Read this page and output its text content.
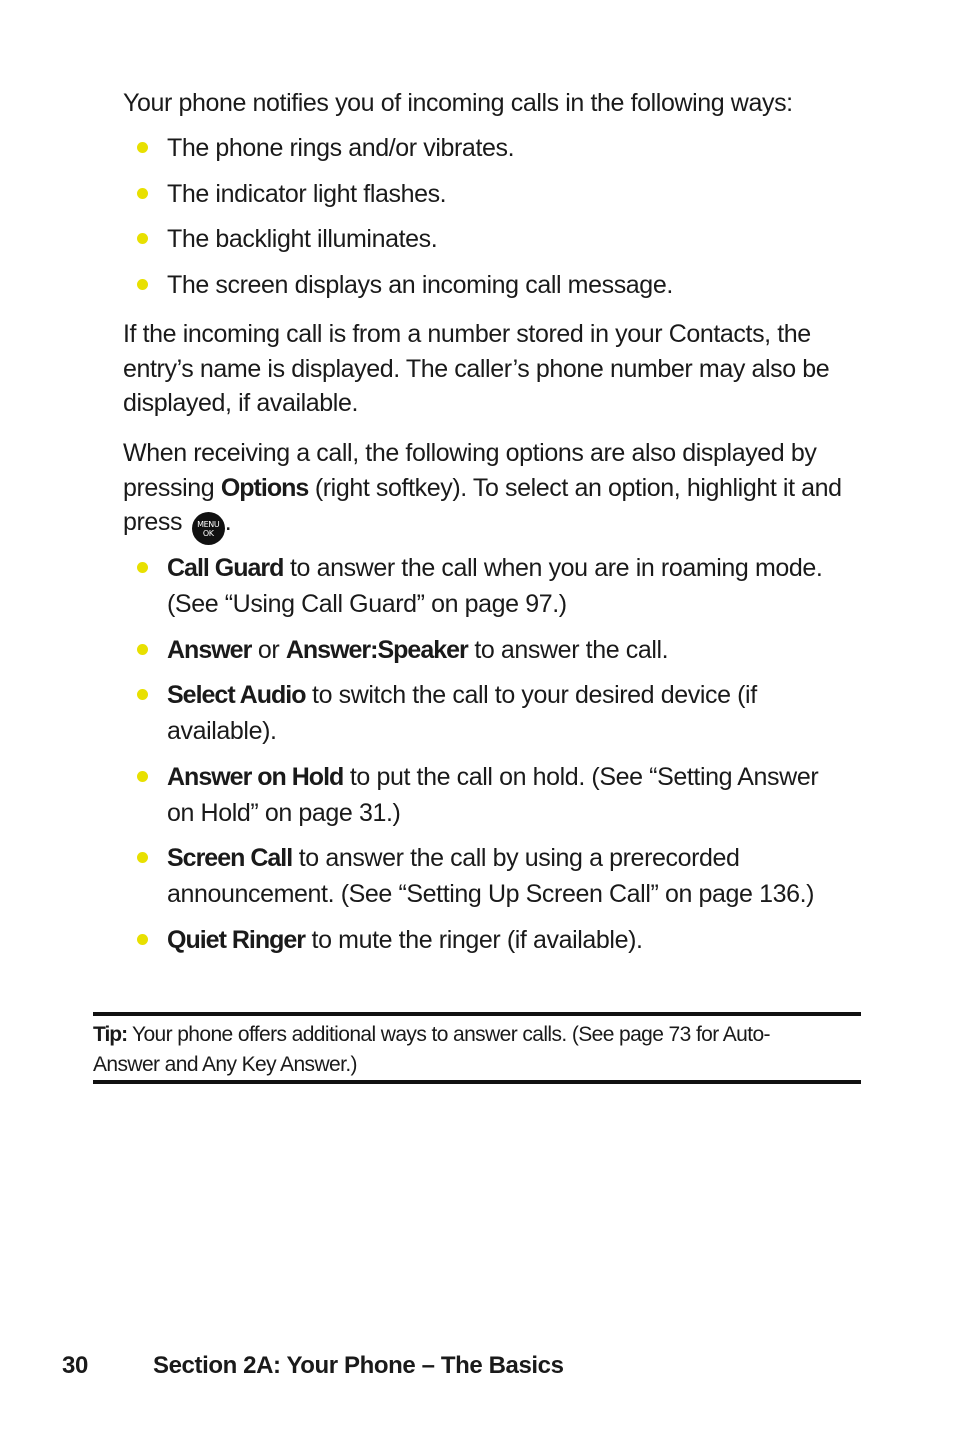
Your phone notifies you of incoming calls in the following ways:

The phone rings and/or vibrates.
The indicator light flashes.
The backlight illuminates.
The screen displays an incoming call message.

If the incoming call is from a number stored in your Contacts, the entry’s name is displayed. The caller’s phone number may also be displayed, if available.

When receiving a call, the following options are also displayed by pressing Options (right softkey). To select an option, highlight it and press	MENU
OK .

Call Guard to answer the call when you are in roaming mode. (See “Using Call Guard” on page 97.)
Answer or Answer:Speaker to answer the call.
Select Audio to switch the call to your desired device (if available).
Answer on Hold to put the call on hold. (See “Setting Answer on Hold” on page 31.)
Screen Call to answer the call by using a prerecorded announcement. (See “Setting Up Screen Call” on page 136.)
Quiet Ringer to mute the ringer (if available).

Tip: Your phone offers additional ways to answer calls. (See page 73 for Auto-Answer and Any Key Answer.)

30	Section 2A: Your Phone – The Basics
